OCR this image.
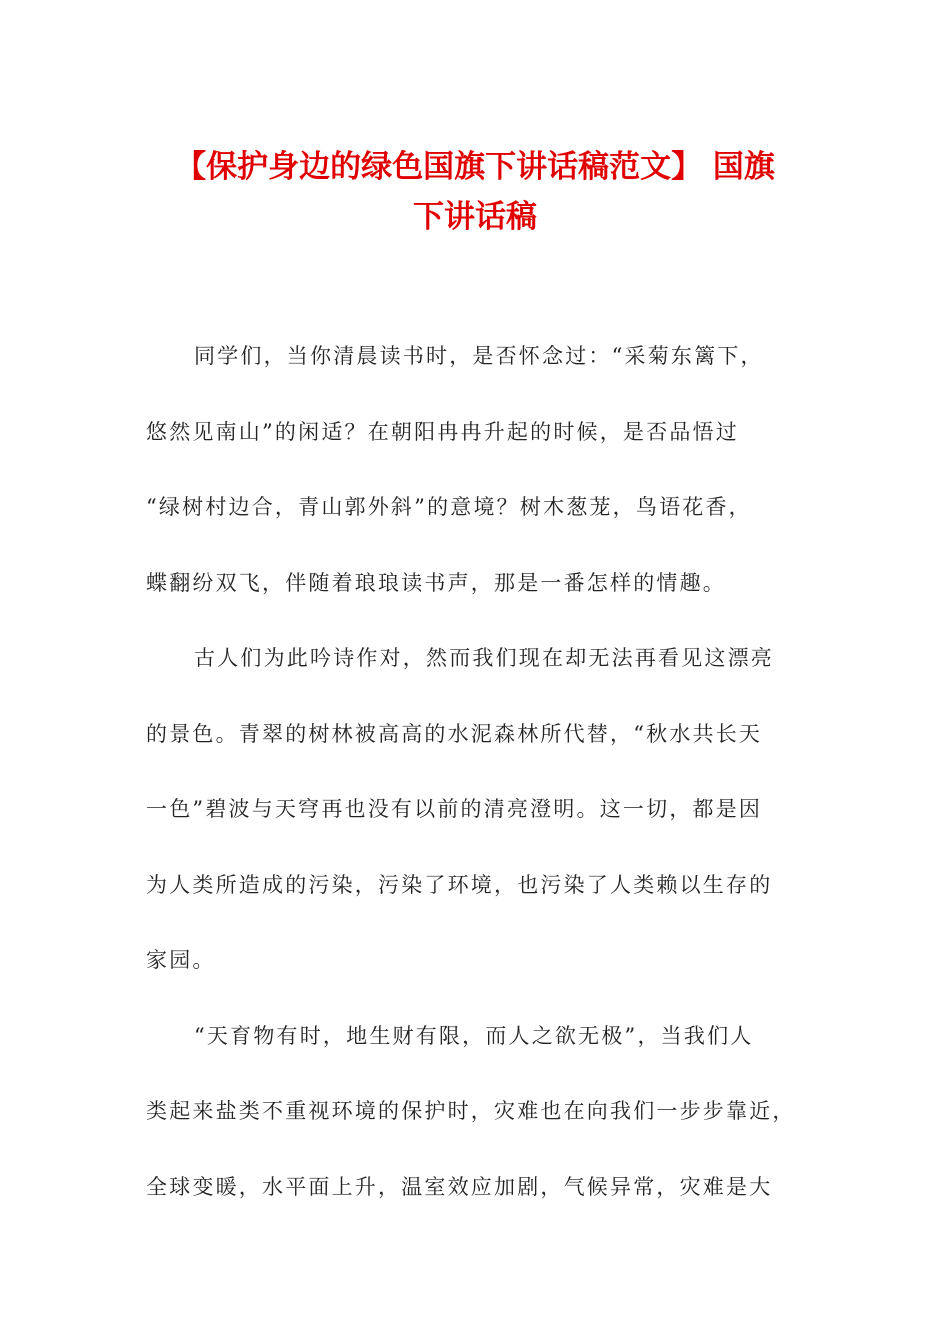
【保护身边的绿色国旗下讲话稿范文】 国旗
下讲话稿
同学们，当你清晨读书时，是否怀念过：“采菊东篱下，
悠然见南山”的闲适？在朝阳冉冉升起的时候，是否品悟过
“绿树村边合，青山郭外斜”的意境？树木葱茏，鸟语花香，
蝶翻纷双飞，伴随着琅琅读书声，那是一番怎样的情趣。
古人们为此吟诗作对，然而我们现在却无法再看见这漂亮
的景色。青翠的树林被高高的水泥森林所代替，“秋水共长天
一色”碧波与天穹再也没有以前的清亮澄明。这一切，都是因
为人类所造成的污染，污染了环境，也污染了人类赖以生存的
家园。
“天育物有时，地生财有限，而人之欲无极”，当我们人
类起来盐类不重视环境的保护时，灾难也在向我们一步步靠近，
全球变暖，水平面上升，温室效应加剧，气候异常，灾难是大
